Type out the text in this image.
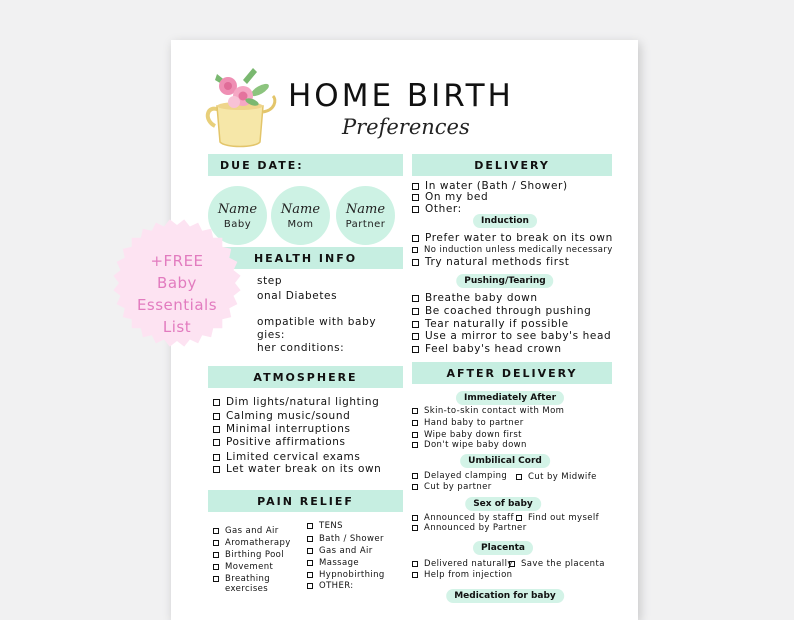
HOME BIRTH
Preferences
DUE DATE:
Name
Baby
Name
Mom
Name
Partner
HEALTH INFO
step
onal Diabetes
ompatible with baby
gies:
her conditions:
ATMOSPHERE
Dim lights/natural lighting
Calming music/sound
Minimal interruptions
Positive affirmations
Limited cervical exams
Let water break on its own
PAIN RELIEF
Gas and Air
Aromatherapy
Birthing Pool
Movement
Breathing
exercises
TENS
Bath / Shower
Gas and Air
Massage
Hypnobirthing
OTHER:
DELIVERY
In water (Bath / Shower)
On my bed
Other:
Induction
Prefer water to break on its own
No induction unless medically necessary
Try natural methods first
Pushing/Tearing
Breathe baby down
Be coached through pushing
Tear naturally if possible
Use a mirror to see baby's head
Feel baby's head crown
AFTER DELIVERY
Immediately After
Skin-to-skin contact with Mom
Hand baby to partner
Wipe baby down first
Don't wipe baby down
Umbilical Cord
Delayed clamping Cut by Midwife
Cut by partner
Sex of baby
Announced by staff Find out myself
Announced by Partner
Placenta
Delivered naturally Save the placenta
Help from injection
Medication for baby
+FREE
Baby
Essentials
List
